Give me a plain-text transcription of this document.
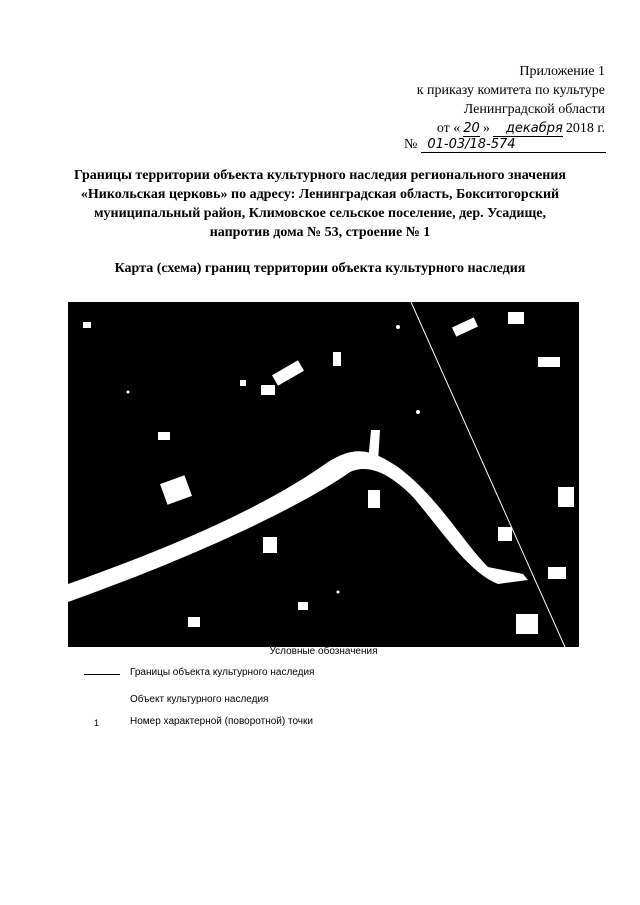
Приложение 1
к приказу комитета по культуре
Ленинградской области
от « 20 »	декабря 2018 г.
№ 01-03/18-574
Границы территории объекта культурного наследия регионального значения
«Никольская церковь» по адресу: Ленинградская область, Бокситогорский
муниципальный район, Климовское сельское поселение, дер. Усадище,
напротив дома № 53, строение № 1
Карта (схема) границ территории объекта культурного наследия
Условные обозначения
Границы объекта культурного наследия
Объект культурного наследия
1	Номер характерной (поворотной) точки
